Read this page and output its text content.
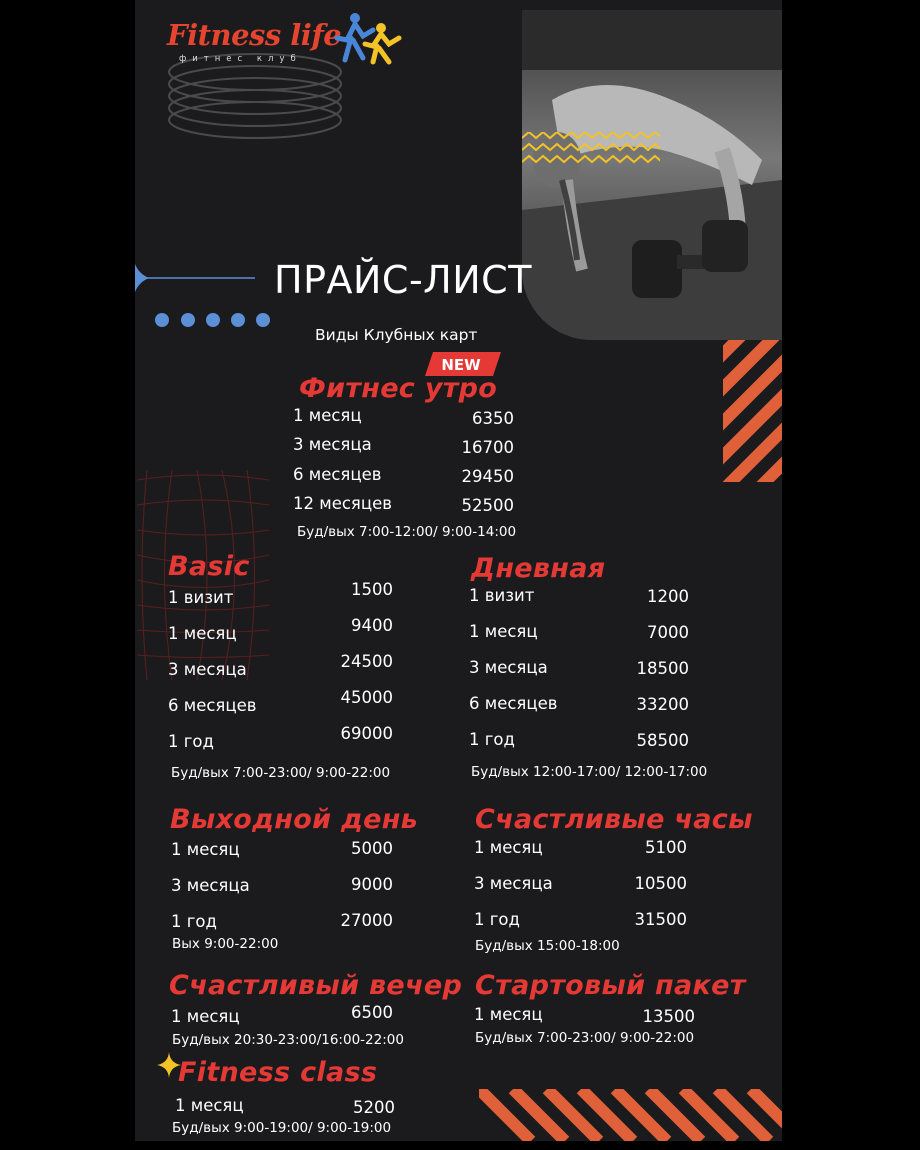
Fitness life
фитнес клуб
ПРАЙС-ЛИСТ
Виды Клубных карт
NEW
Фитнес утро
1 месяц	6350
3 месяца	16700
6 месяцев	29450
12 месяцев	52500
Буд/вых 7:00-12:00/ 9:00-14:00
Basic
1 визит	1500
1 месяц	9400
3 месяца	24500
6 месяцев	45000
1 год	69000
Буд/вых 7:00-23:00/ 9:00-22:00
Дневная
1 визит	1200
1 месяц	7000
3 месяца	18500
6 месяцев	33200
1 год	58500
Буд/вых 12:00-17:00/ 12:00-17:00
Выходной день
1 месяц	5000
3 месяца	9000
1 год	27000
Вых 9:00-22:00
Счастливые часы
1 месяц	5100
3 месяца	10500
1 год	31500
Буд/вых 15:00-18:00
Счастливый вечер
1 месяц	6500
Буд/вых 20:30-23:00/16:00-22:00
Стартовый пакет
1 месяц	13500
Буд/вых 7:00-23:00/ 9:00-22:00
Fitness class
1 месяц	5200
Буд/вых 9:00-19:00/ 9:00-19:00
